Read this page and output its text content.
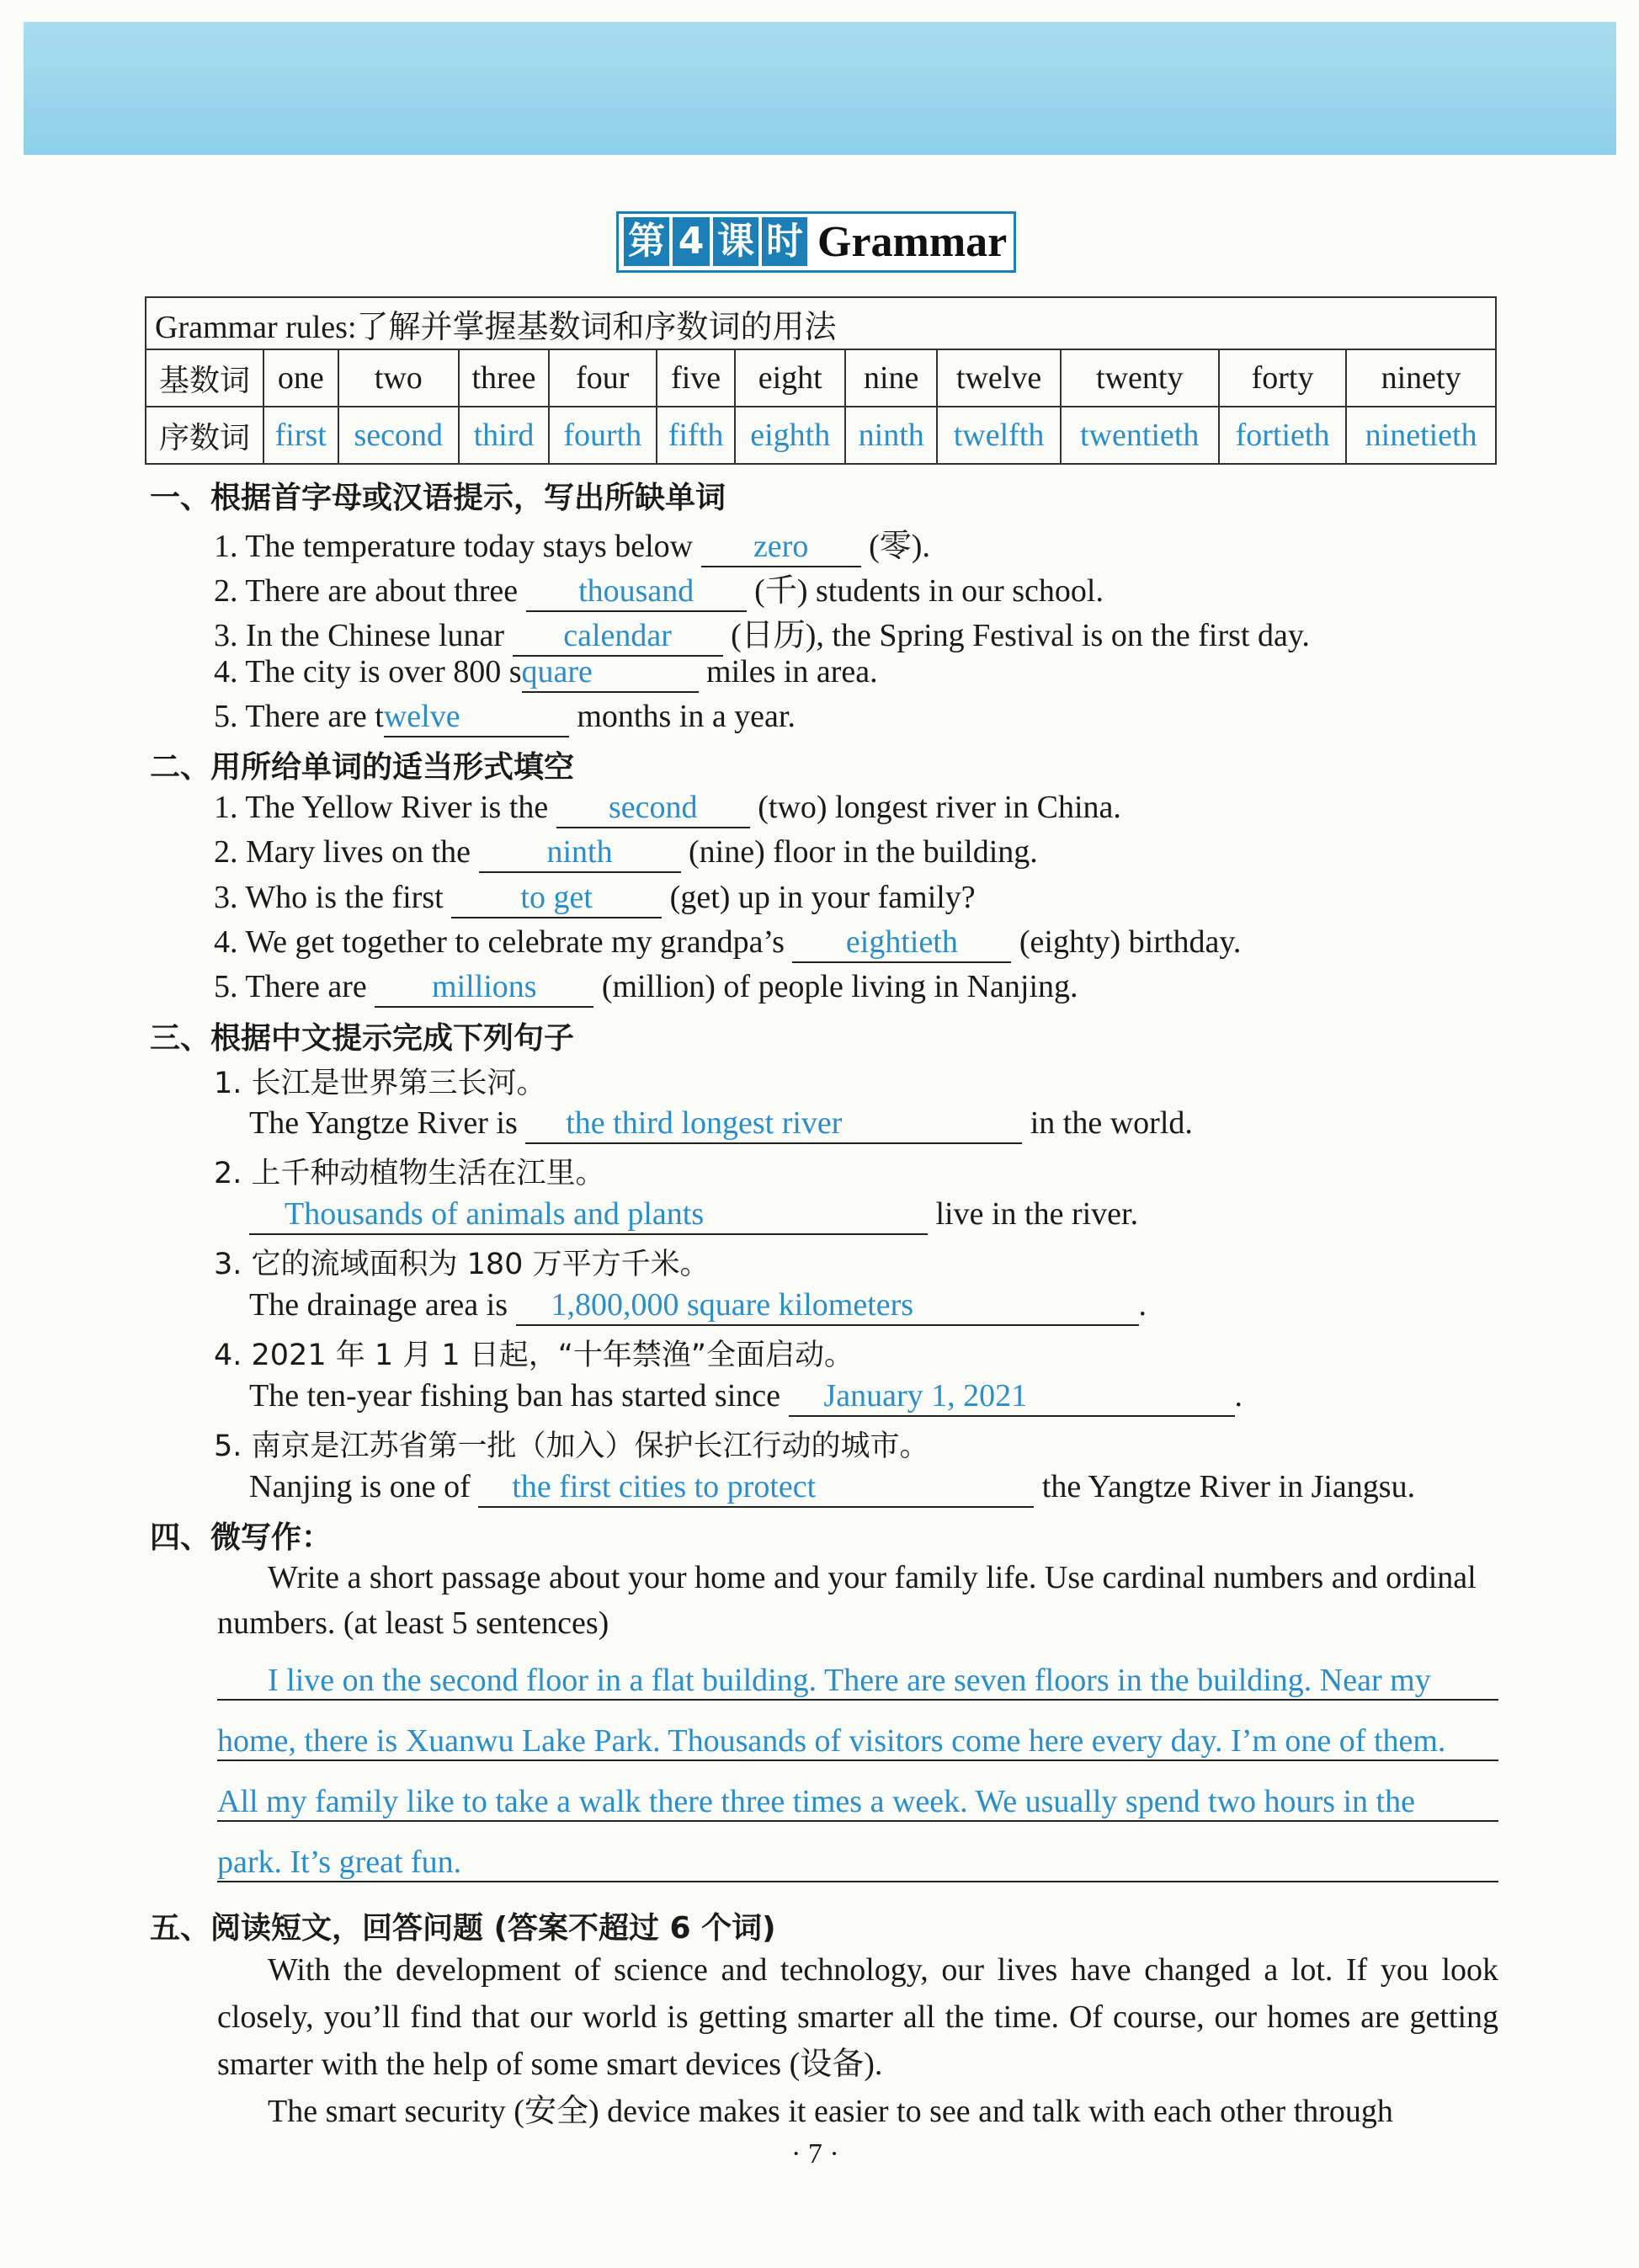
第 4 课 时 Grammar
Grammar rules:了解并掌握基数词和序数词的用法											
基数词	one	two	three	four	five	eight	nine	twelve	twenty	forty	ninety
序数词	first	second	third	fourth	fifth	eighth	ninth	twelfth	twentieth	fortieth	ninetieth
一、根据首字母或汉语提示，写出所缺单词
1. The temperature today stays below zero (零).
2. There are about three thousand (千) students in our school.
3. In the Chinese lunar calendar (日历), the Spring Festival is on the first day.
4. The city is over 800 square	miles in area.
5. There are twelve	months in a year.
二、用所给单词的适当形式填空
1. The Yellow River is the second (two) longest river in China.
2. Mary lives on the ninth (nine) floor in the building.
3. Who is the first to get (get) up in your family?
4. We get together to celebrate my grandpa’s eightieth (eighty) birthday.
5. There are millions (million) of people living in Nanjing.
三、根据中文提示完成下列句子
1. 长江是世界第三长河。
The Yangtze River is the third longest river	in the world.
2. 上千种动植物生活在江里。
Thousands of animals and plants	live in the river.
3. 它的流域面积为 180 万平方千米。
The drainage area is 1,800,000 square kilometers	.
4. 2021 年 1 月 1 日起，“十年禁渔”全面启动。
The ten-year fishing ban has started since January 1, 2021	.
5. 南京是江苏省第一批（加入）保护长江行动的城市。
Nanjing is one of the first cities to protect	the Yangtze River in Jiangsu.
四、微写作：
Write a short passage about your home and your family life. Use cardinal numbers and ordinal
numbers. (at least 5 sentences)
I live on the second floor in a flat building. There are seven floors in the building. Near my
home, there is Xuanwu Lake Park. Thousands of visitors come here every day. I’m one of them.
All my family like to take a walk there three times a week. We usually spend two hours in the
park. It’s great fun.
五、阅读短文，回答问题 (答案不超过 6 个词)
With the development of science and technology, our lives have changed a lot. If you look closely, you’ll find that our world is getting smarter all the time. Of course, our homes are getting smarter with the help of some smart devices (设备).
The smart security (安全) device makes it easier to see and talk with each other through
· 7 ·
